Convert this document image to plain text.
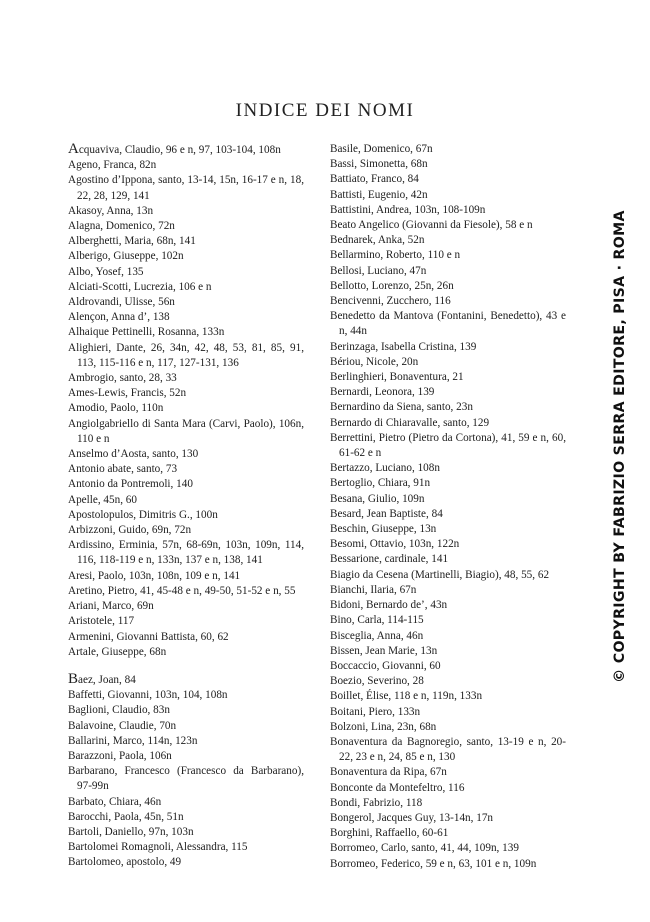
INDICE DEI NOMI
Acquaviva, Claudio, 96 e n, 97, 103-104, 108n
Ageno, Franca, 82n
Agostino d’Ippona, santo, 13-14, 15n, 16-17 e n, 18, 22, 28, 129, 141
Akasoy, Anna, 13n
Alagna, Domenico, 72n
Alberghetti, Maria, 68n, 141
Alberigo, Giuseppe, 102n
Albo, Yosef, 135
Alciati-Scotti, Lucrezia, 106 e n
Aldrovandi, Ulisse, 56n
Alençon, Anna d’, 138
Alhaique Pettinelli, Rosanna, 133n
Alighieri, Dante, 26, 34n, 42, 48, 53, 81, 85, 91, 113, 115-116 e n, 117, 127-131, 136
Ambrogio, santo, 28, 33
Ames-Lewis, Francis, 52n
Amodio, Paolo, 110n
Angiolgabriello di Santa Mara (Carvi, Paolo), 106n, 110 e n
Anselmo d’Aosta, santo, 130
Antonio abate, santo, 73
Antonio da Pontremoli, 140
Apelle, 45n, 60
Apostolopulos, Dimitris G., 100n
Arbizzoni, Guido, 69n, 72n
Ardissino, Erminia, 57n, 68-69n, 103n, 109n, 114, 116, 118-119 e n, 133n, 137 e n, 138, 141
Aresi, Paolo, 103n, 108n, 109 e n, 141
Aretino, Pietro, 41, 45-48 e n, 49-50, 51-52 e n, 55
Ariani, Marco, 69n
Aristotele, 117
Armenini, Giovanni Battista, 60, 62
Artale, Giuseppe, 68n
Baez, Joan, 84
Baffetti, Giovanni, 103n, 104, 108n
Baglioni, Claudio, 83n
Balavoine, Claudie, 70n
Ballarini, Marco, 114n, 123n
Barazzoni, Paola, 106n
Barbarano, Francesco (Francesco da Barbarano), 97-99n
Barbato, Chiara, 46n
Barocchi, Paola, 45n, 51n
Bartoli, Daniello, 97n, 103n
Bartolomei Romagnoli, Alessandra, 115
Bartolomeo, apostolo, 49
Basile, Domenico, 67n
Bassi, Simonetta, 68n
Battiato, Franco, 84
Battisti, Eugenio, 42n
Battistini, Andrea, 103n, 108-109n
Beato Angelico (Giovanni da Fiesole), 58 e n
Bednarek, Anka, 52n
Bellarmino, Roberto, 110 e n
Bellosi, Luciano, 47n
Bellotto, Lorenzo, 25n, 26n
Bencivenni, Zucchero, 116
Benedetto da Mantova (Fontanini, Benedetto), 43 e n, 44n
Berinzaga, Isabella Cristina, 139
Bériou, Nicole, 20n
Berlinghieri, Bonaventura, 21
Bernardi, Leonora, 139
Bernardino da Siena, santo, 23n
Bernardo di Chiaravalle, santo, 129
Berrettini, Pietro (Pietro da Cortona), 41, 59 e n, 60, 61-62 e n
Bertazzo, Luciano, 108n
Bertoglio, Chiara, 91n
Besana, Giulio, 109n
Besard, Jean Baptiste, 84
Beschin, Giuseppe, 13n
Besomi, Ottavio, 103n, 122n
Bessarione, cardinale, 141
Biagio da Cesena (Martinelli, Biagio), 48, 55, 62
Bianchi, Ilaria, 67n
Bidoni, Bernardo de’, 43n
Bino, Carla, 114-115
Bisceglia, Anna, 46n
Bissen, Jean Marie, 13n
Boccaccio, Giovanni, 60
Boezio, Severino, 28
Boillet, Élise, 118 e n, 119n, 133n
Boitani, Piero, 133n
Bolzoni, Lina, 23n, 68n
Bonaventura da Bagnoregio, santo, 13-19 e n, 20-22, 23 e n, 24, 85 e n, 130
Bonaventura da Ripa, 67n
Bonconte da Montefeltro, 116
Bondi, Fabrizio, 118
Bongerol, Jacques Guy, 13-14n, 17n
Borghini, Raffaello, 60-61
Borromeo, Carlo, santo, 41, 44, 109n, 139
Borromeo, Federico, 59 e n, 63, 101 e n, 109n
© COPYRIGHT BY FABRIZIO SERRA EDITORE, PISA · ROMA
